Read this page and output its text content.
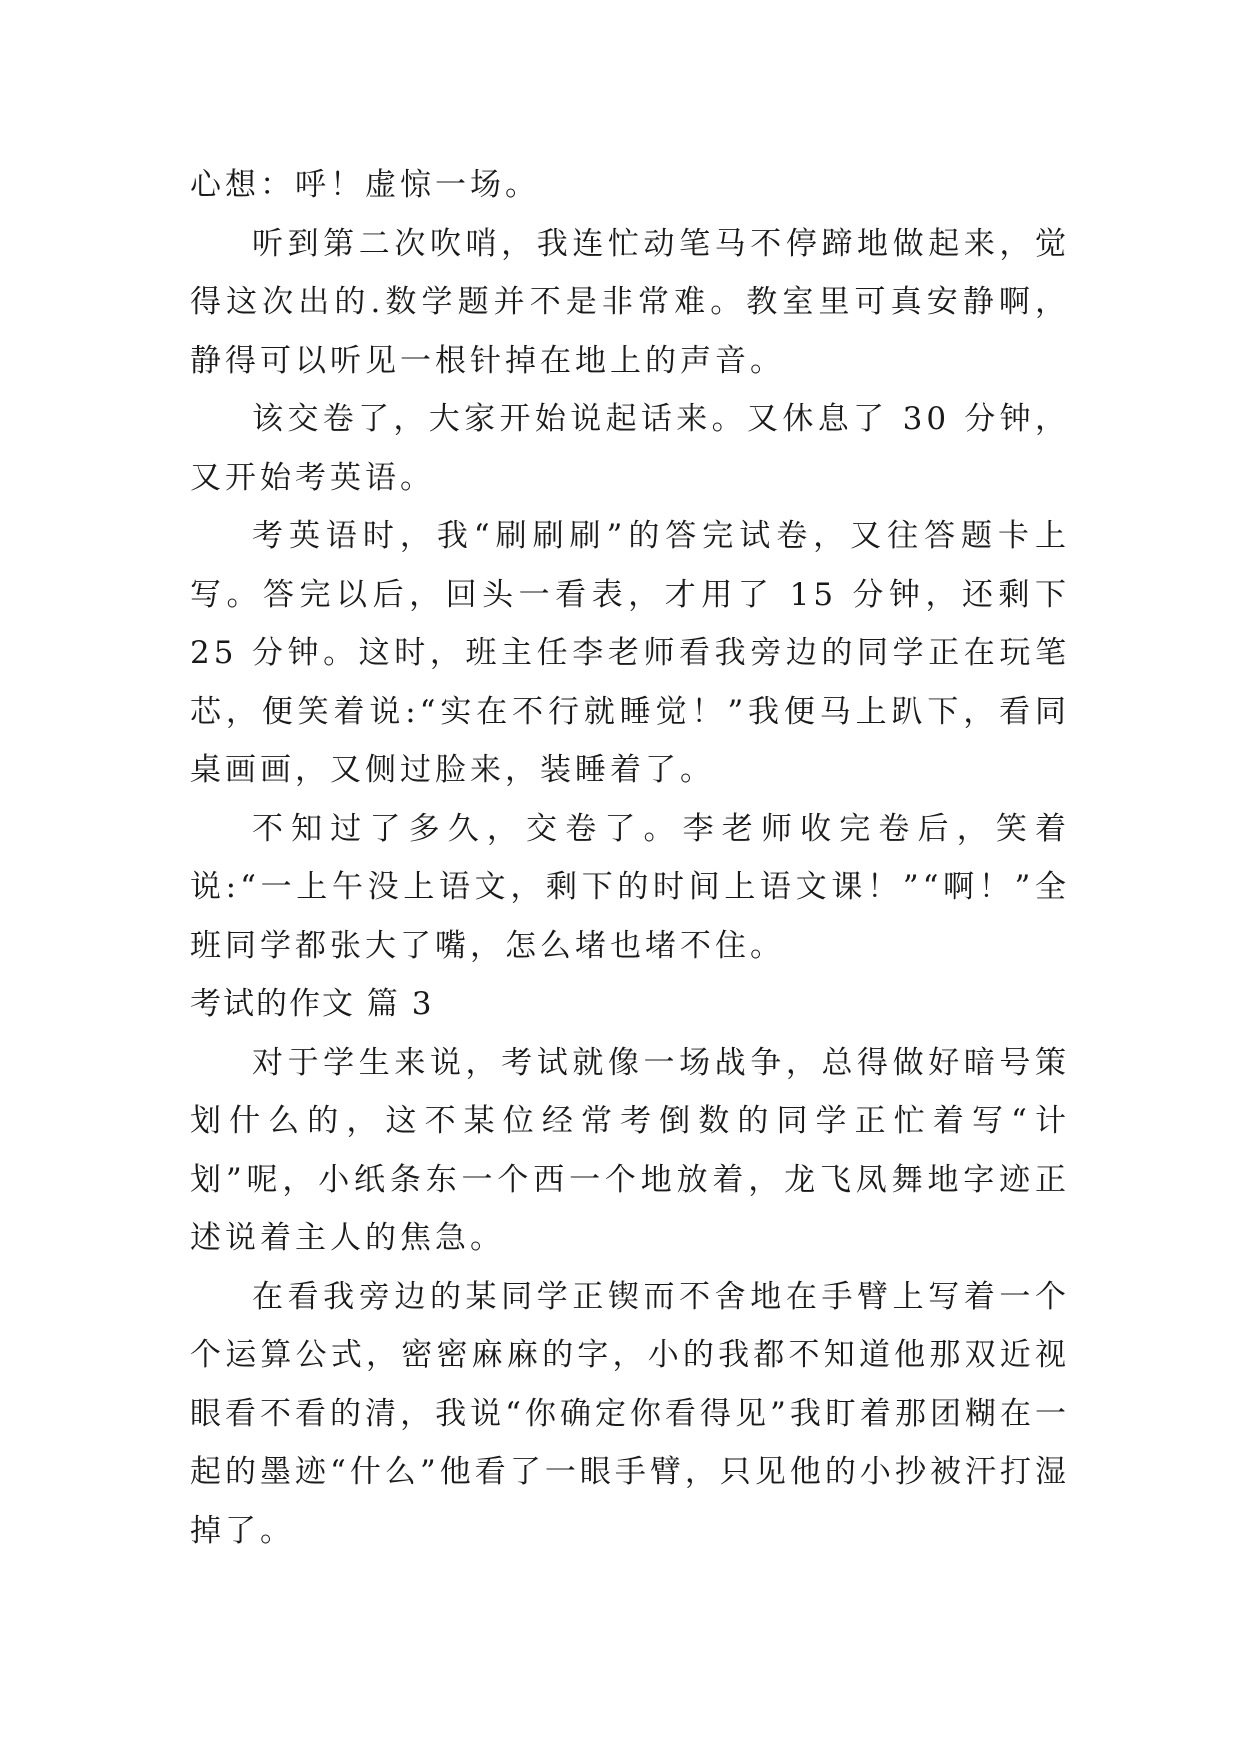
心想：呼！虚惊一场。

听到第二次吹哨，我连忙动笔马不停蹄地做起来，觉得这次出的.数学题并不是非常难。教室里可真安静啊，静得可以听见一根针掉在地上的声音。

该交卷了，大家开始说起话来。又休息了 30 分钟，又开始考英语。

考英语时，我“刷刷刷”的答完试卷，又往答题卡上写。答完以后，回头一看表，才用了 15 分钟，还剩下 25 分钟。这时，班主任李老师看我旁边的同学正在玩笔芯，便笑着说:“实在不行就睡觉！”我便马上趴下，看同桌画画，又侧过脸来，装睡着了。

不知过了多久，交卷了。李老师收完卷后，笑着说:“一上午没上语文，剩下的时间上语文课！”“啊！”全班同学都张大了嘴，怎么堵也堵不住。

考试的作文 篇 3

对于学生来说，考试就像一场战争，总得做好暗号策划什么的，这不某位经常考倒数的同学正忙着写“计划”呢，小纸条东一个西一个地放着，龙飞凤舞地字迹正述说着主人的焦急。

在看我旁边的某同学正锲而不舍地在手臂上写着一个个运算公式，密密麻麻的字，小的我都不知道他那双近视眼看不看的清，我说“你确定你看得见”我盯着那团糊在一起的墨迹“什么”他看了一眼手臂，只见他的小抄被汗打湿掉了。
